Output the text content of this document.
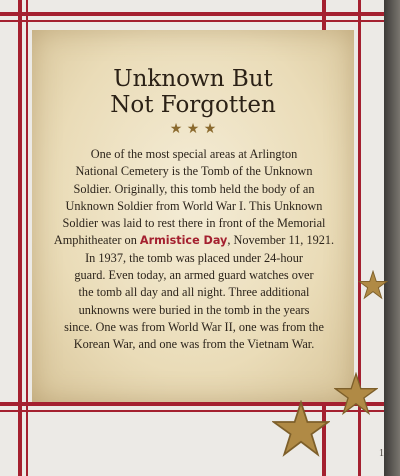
Unknown But
Not Forgotten
★ ★ ★
One of the most special areas at Arlington
National Cemetery is the Tomb of the Unknown
Soldier. Originally, this tomb held the body of an
Unknown Soldier from World War I. This Unknown
Soldier was laid to rest there in front of the Memorial
Amphitheater on Armistice Day, November 11, 1921.
In 1937, the tomb was placed under 24-hour
guard. Even today, an armed guard watches over
the tomb all day and all night. Three additional
unknowns were buried in the tomb in the years
since. One was from World War II, one was from the
Korean War, and one was from the Vietnam War.
15
